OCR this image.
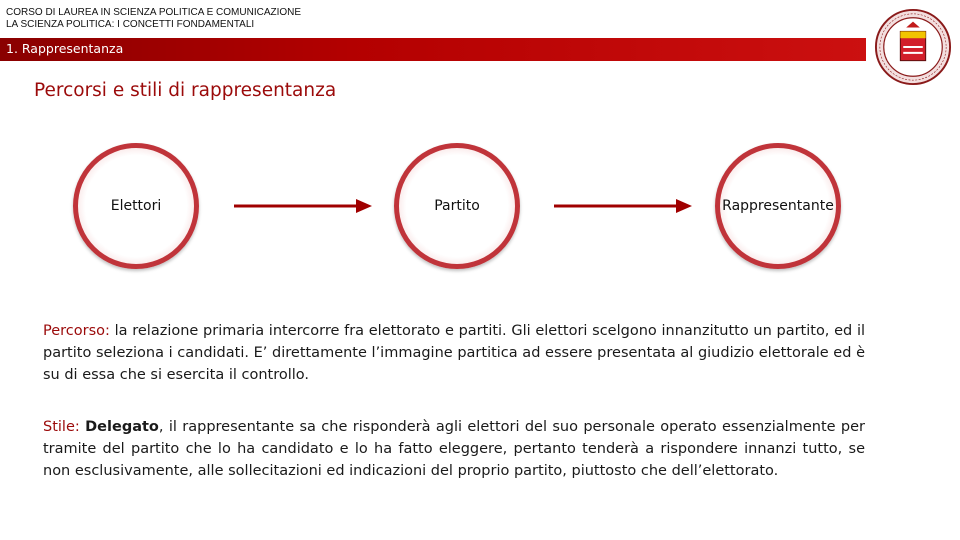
CORSO DI LAUREA IN SCIENZA POLITICA E COMUNICAZIONE
LA SCIENZA POLITICA: I CONCETTI FONDAMENTALI
1. Rappresentanza
Percorsi e stili di rappresentanza
Elettori	Partito	Rappresentante
Percorso: la relazione primaria intercorre fra elettorato e partiti. Gli elettori scelgono innanzitutto un partito, ed il partito seleziona i candidati. E’ direttamente l’immagine partitica ad essere presentata al giudizio elettorale ed è su di essa che si esercita il controllo.
Stile: Delegato, il rappresentante sa che risponderà agli elettori del suo personale operato essenzialmente per tramite del partito che lo ha candidato e lo ha fatto eleggere, pertanto tenderà a rispondere innanzi tutto, se non esclusivamente, alle sollecitazioni ed indicazioni del proprio partito, piuttosto che dell’elettorato.
